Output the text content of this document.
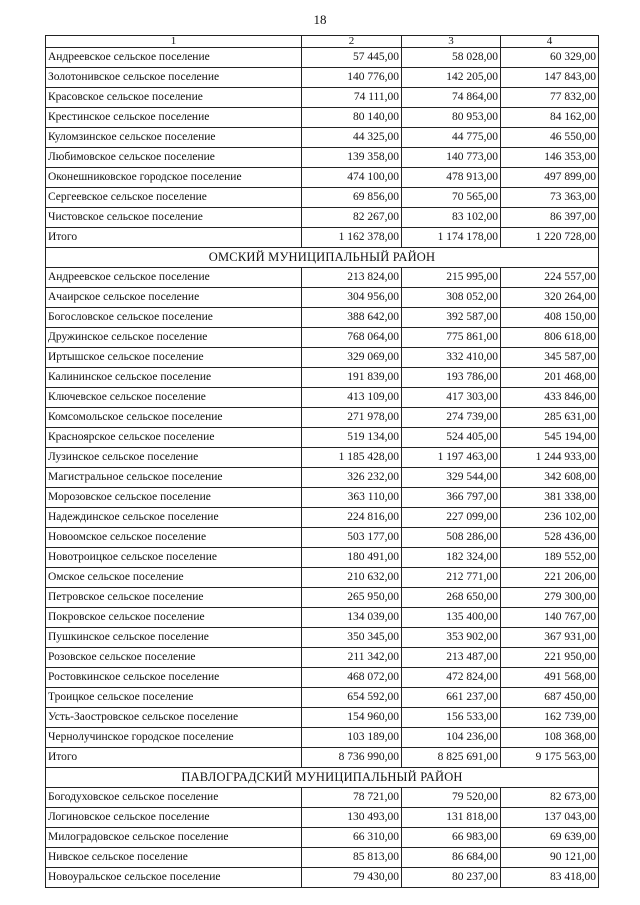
18
1	2	3	4
Андреевское сельское поселение	57 445,00	58 028,00	60 329,00
Золотонивское сельское поселение	140 776,00	142 205,00	147 843,00
Красовское сельское поселение	74 111,00	74 864,00	77 832,00
Крестинское сельское поселение	80 140,00	80 953,00	84 162,00
Куломзинское сельское поселение	44 325,00	44 775,00	46 550,00
Любимовское сельское поселение	139 358,00	140 773,00	146 353,00
Оконешниковское городское поселение	474 100,00	478 913,00	497 899,00
Сергеевское сельское поселение	69 856,00	70 565,00	73 363,00
Чистовское сельское поселение	82 267,00	83 102,00	86 397,00
Итого	1 162 378,00	1 174 178,00	1 220 728,00
ОМСКИЙ МУНИЦИПАЛЬНЫЙ РАЙОН			
Андреевское сельское поселение	213 824,00	215 995,00	224 557,00
Ачаирское сельское поселение	304 956,00	308 052,00	320 264,00
Богословское сельское поселение	388 642,00	392 587,00	408 150,00
Дружинское сельское поселение	768 064,00	775 861,00	806 618,00
Иртышское сельское поселение	329 069,00	332 410,00	345 587,00
Калининское сельское поселение	191 839,00	193 786,00	201 468,00
Ключевское сельское поселение	413 109,00	417 303,00	433 846,00
Комсомольское сельское поселение	271 978,00	274 739,00	285 631,00
Красноярское сельское поселение	519 134,00	524 405,00	545 194,00
Лузинское сельское поселение	1 185 428,00	1 197 463,00	1 244 933,00
Магистральное сельское поселение	326 232,00	329 544,00	342 608,00
Морозовское сельское поселение	363 110,00	366 797,00	381 338,00
Надеждинское сельское поселение	224 816,00	227 099,00	236 102,00
Новоомское сельское поселение	503 177,00	508 286,00	528 436,00
Новотроицкое сельское поселение	180 491,00	182 324,00	189 552,00
Омское сельское поселение	210 632,00	212 771,00	221 206,00
Петровское сельское поселение	265 950,00	268 650,00	279 300,00
Покровское сельское поселение	134 039,00	135 400,00	140 767,00
Пушкинское сельское поселение	350 345,00	353 902,00	367 931,00
Розовское сельское поселение	211 342,00	213 487,00	221 950,00
Ростовкинское сельское поселение	468 072,00	472 824,00	491 568,00
Троицкое сельское поселение	654 592,00	661 237,00	687 450,00
Усть-Заостровское сельское поселение	154 960,00	156 533,00	162 739,00
Чернолучинское городское поселение	103 189,00	104 236,00	108 368,00
Итого	8 736 990,00	8 825 691,00	9 175 563,00
ПАВЛОГРАДСКИЙ МУНИЦИПАЛЬНЫЙ РАЙОН			
Богодуховское сельское поселение	78 721,00	79 520,00	82 673,00
Логиновское сельское поселение	130 493,00	131 818,00	137 043,00
Милоградовское сельское поселение	66 310,00	66 983,00	69 639,00
Нивское сельское поселение	85 813,00	86 684,00	90 121,00
Новоуральское сельское поселение	79 430,00	80 237,00	83 418,00
